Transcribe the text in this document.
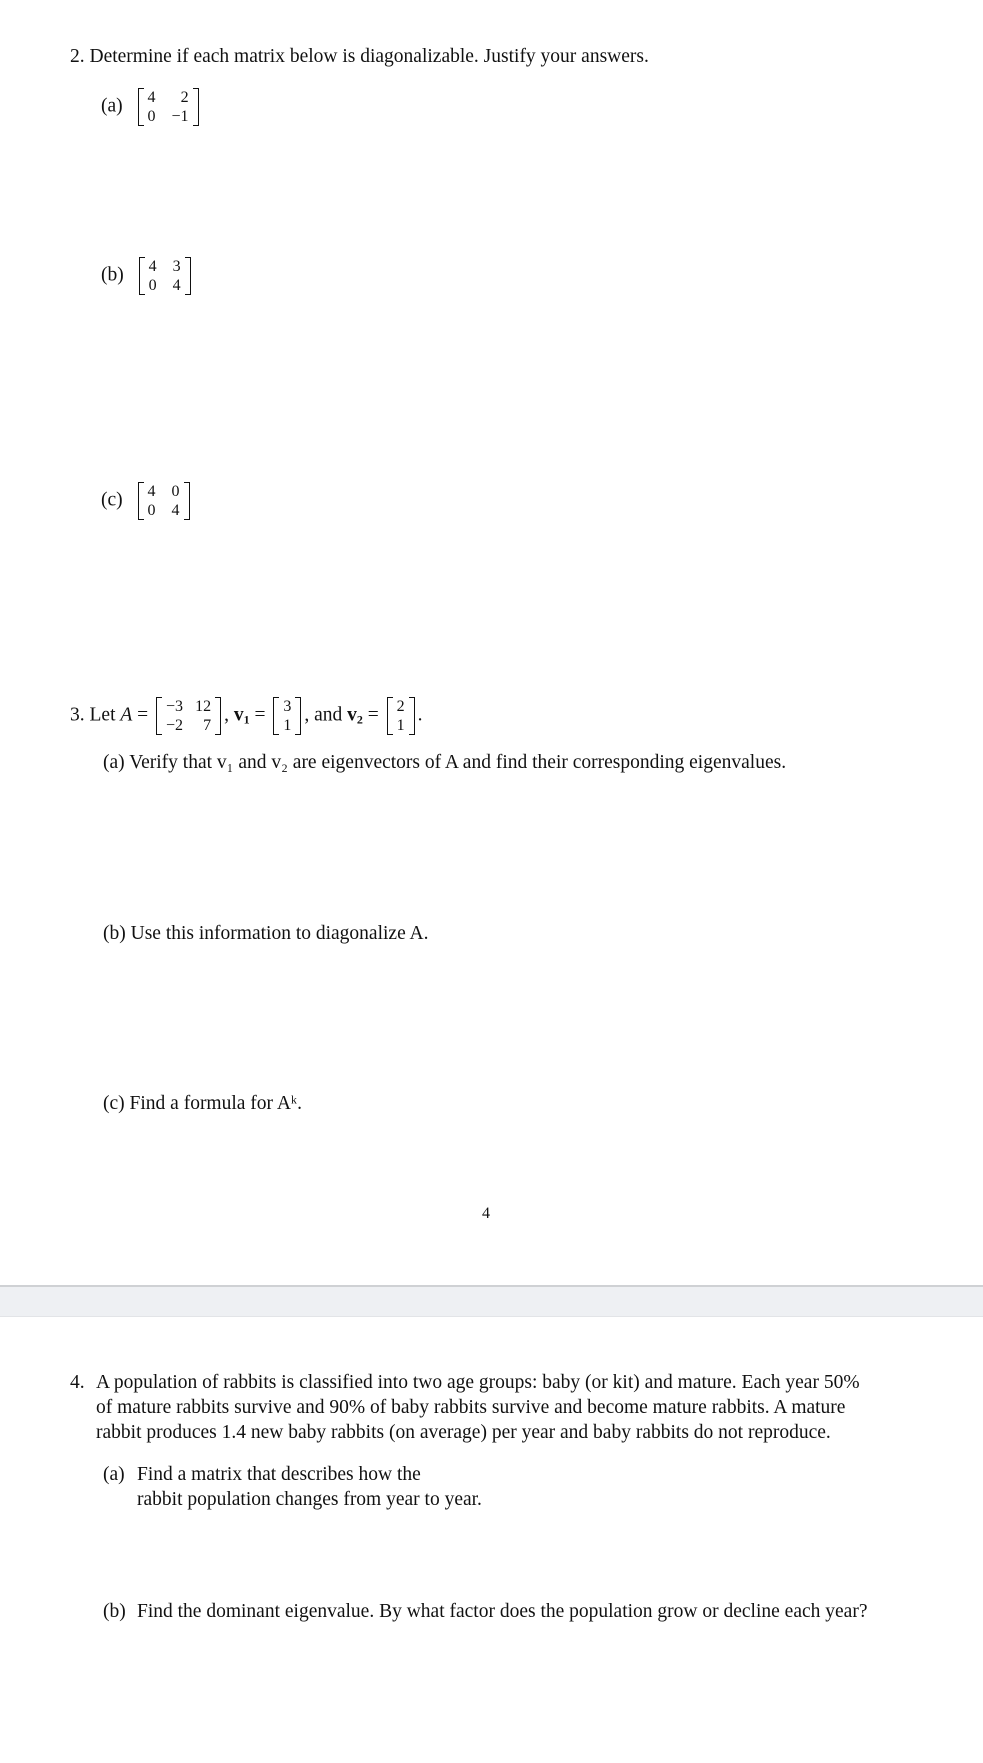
2. Determine if each matrix below is diagonalizable. Justify your answers.
(a) 4	2
0 −1
(b) 4 3
0 4
(c) 4 0
0 4
3. Let A = −3 12
−2	7
, $v_1 = 3$
1
, and $v_2 = 2$
1
.
(a) Verify that v₁ and v₂ are eigenvectors of A and find their corresponding eigenvalues.
(b) Use this information to diagonalize A.
(c) Find a formula for Aᵏ.
4
4. A population of rabbits is classified into two age groups: baby (or kit) and mature. Each year 50%
of mature rabbits survive and 90% of baby rabbits survive and become mature rabbits. A mature
rabbit produces 1.4 new baby rabbits (on average) per year and baby rabbits do not reproduce.
(a) Find a matrix that describes how the
rabbit population changes from year to year.
(b) Find the dominant eigenvalue. By what factor does the population grow or decline each year?
